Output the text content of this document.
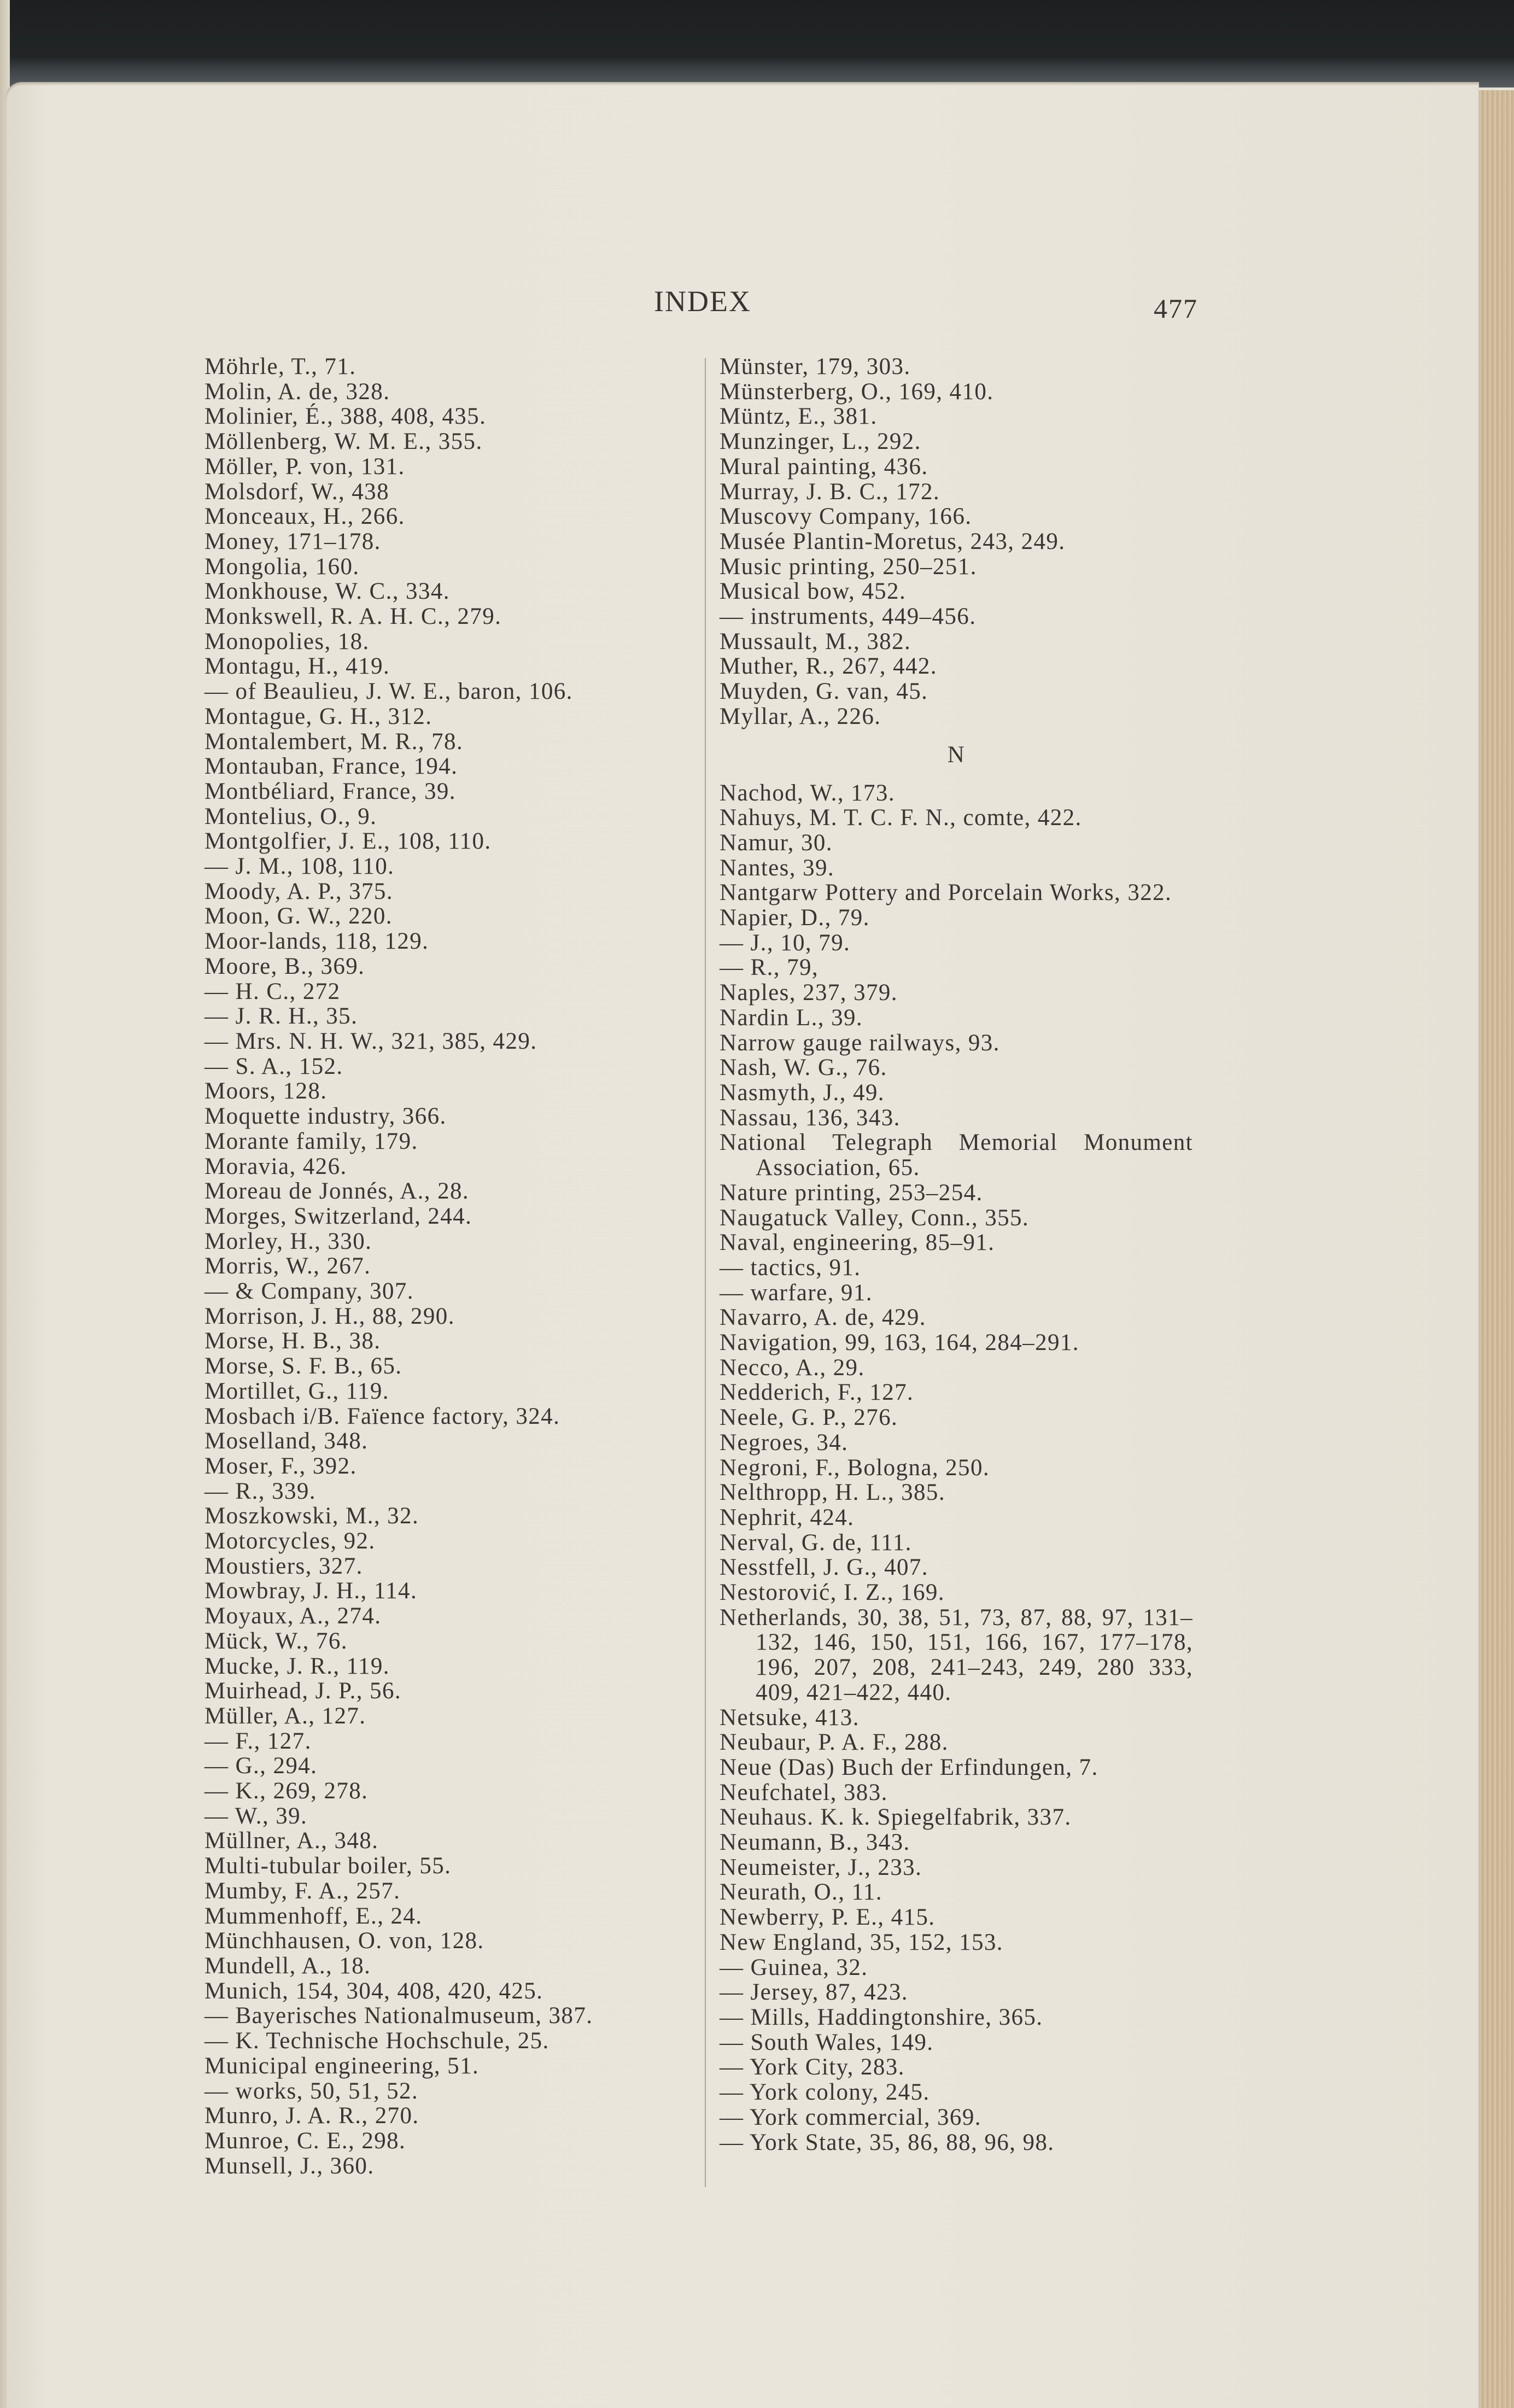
INDEX	477
Möhrle, T., 71.
Molin, A. de, 328.
Molinier, É., 388, 408, 435.
Möllenberg, W. M. E., 355.
Möller, P. von, 131.
Molsdorf, W., 438
Monceaux, H., 266.
Money, 171–178.
Mongolia, 160.
Monkhouse, W. C., 334.
Monkswell, R. A. H. C., 279.
Monopolies, 18.
Montagu, H., 419.
— of Beaulieu, J. W. E., baron, 106.
Montague, G. H., 312.
Montalembert, M. R., 78.
Montauban, France, 194.
Montbéliard, France, 39.
Montelius, O., 9.
Montgolfier, J. E., 108, 110.
— J. M., 108, 110.
Moody, A. P., 375.
Moon, G. W., 220.
Moor-lands, 118, 129.
Moore, B., 369.
— H. C., 272
— J. R. H., 35.
— Mrs. N. H. W., 321, 385, 429.
— S. A., 152.
Moors, 128.
Moquette industry, 366.
Morante family, 179.
Moravia, 426.
Moreau de Jonnés, A., 28.
Morges, Switzerland, 244.
Morley, H., 330.
Morris, W., 267.
— & Company, 307.
Morrison, J. H., 88, 290.
Morse, H. B., 38.
Morse, S. F. B., 65.
Mortillet, G., 119.
Mosbach i/B. Faïence factory, 324.
Moselland, 348.
Moser, F., 392.
— R., 339.
Moszkowski, M., 32.
Motorcycles, 92.
Moustiers, 327.
Mowbray, J. H., 114.
Moyaux, A., 274.
Mück, W., 76.
Mucke, J. R., 119.
Muirhead, J. P., 56.
Müller, A., 127.
— F., 127.
— G., 294.
— K., 269, 278.
— W., 39.
Müllner, A., 348.
Multi-tubular boiler, 55.
Mumby, F. A., 257.
Mummenhoff, E., 24.
Münchhausen, O. von, 128.
Mundell, A., 18.
Munich, 154, 304, 408, 420, 425.
— Bayerisches Nationalmuseum, 387.
— K. Technische Hochschule, 25.
Municipal engineering, 51.
— works, 50, 51, 52.
Munro, J. A. R., 270.
Munroe, C. E., 298.
Munsell, J., 360.
Münster, 179, 303.
Münsterberg, O., 169, 410.
Müntz, E., 381.
Munzinger, L., 292.
Mural painting, 436.
Murray, J. B. C., 172.
Muscovy Company, 166.
Musée Plantin-Moretus, 243, 249.
Music printing, 250–251.
Musical bow, 452.
— instruments, 449–456.
Mussault, M., 382.
Muther, R., 267, 442.
Muyden, G. van, 45.
Myllar, A., 226.
N
Nachod, W., 173.
Nahuys, M. T. C. F. N., comte, 422.
Namur, 30.
Nantes, 39.
Nantgarw Pottery and Porcelain Works, 322.
Napier, D., 79.
— J., 10, 79.
— R., 79,
Naples, 237, 379.
Nardin L., 39.
Narrow gauge railways, 93.
Nash, W. G., 76.
Nasmyth, J., 49.
Nassau, 136, 343.
National Telegraph Memorial Monument Association, 65.
Nature printing, 253–254.
Naugatuck Valley, Conn., 355.
Naval, engineering, 85–91.
— tactics, 91.
— warfare, 91.
Navarro, A. de, 429.
Navigation, 99, 163, 164, 284–291.
Necco, A., 29.
Nedderich, F., 127.
Neele, G. P., 276.
Negroes, 34.
Negroni, F., Bologna, 250.
Nelthropp, H. L., 385.
Nephrit, 424.
Nerval, G. de, 111.
Nesstfell, J. G., 407.
Nestorović, I. Z., 169.
Netherlands, 30, 38, 51, 73, 87, 88, 97, 131–132, 146, 150, 151, 166, 167, 177–178, 196, 207, 208, 241–243, 249, 280 333, 409, 421–422, 440.
Netsuke, 413.
Neubaur, P. A. F., 288.
Neue (Das) Buch der Erfindungen, 7.
Neufchatel, 383.
Neuhaus. K. k. Spiegelfabrik, 337.
Neumann, B., 343.
Neumeister, J., 233.
Neurath, O., 11.
Newberry, P. E., 415.
New England, 35, 152, 153.
— Guinea, 32.
— Jersey, 87, 423.
— Mills, Haddingtonshire, 365.
— South Wales, 149.
— York City, 283.
— York colony, 245.
— York commercial, 369.
— York State, 35, 86, 88, 96, 98.
